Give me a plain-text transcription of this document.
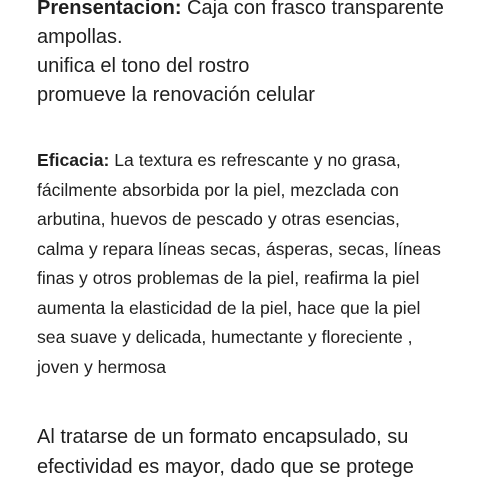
Prensentacion: Caja con frasco transparente
ampollas.
unifica el tono del rostro
promueve la renovación celular
Eficacia: La textura es refrescante y no grasa,
fácilmente absorbida por la piel, mezclada con
arbutina, huevos de pescado y otras esencias,
calma y repara líneas secas, ásperas, secas, líneas
finas y otros problemas de la piel, reafirma la piel
aumenta la elasticidad de la piel, hace que la piel
sea suave y delicada, humectante y floreciente ,
joven y hermosa
Al tratarse de un formato encapsulado, su
efectividad es mayor, dado que se protege
